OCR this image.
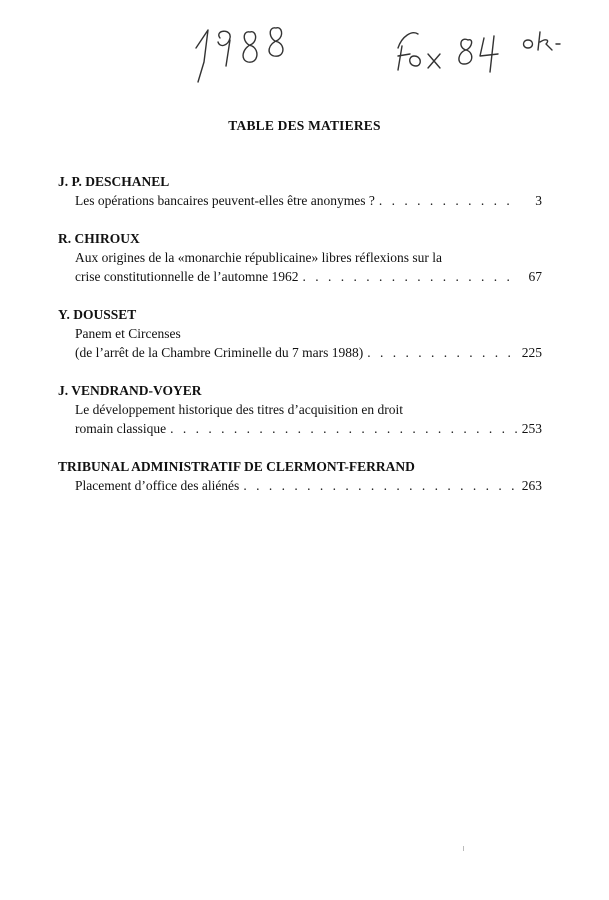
TABLE DES MATIERES
J. P. DESCHANEL
Les opérations bancaires peuvent-elles être anonymes ? . . .	3
R. CHIROUX
Aux origines de la «monarchie républicaine» libres réflexions sur la
crise constitutionnelle de l’automne 1962 . . .	67
Y. DOUSSET
Panem et Circenses
(de l’arrêt de la Chambre Criminelle du 7 mars 1988) . . .	225
J. VENDRAND-VOYER
Le développement historique des titres d’acquisition en droit
romain classique . . .	253
TRIBUNAL ADMINISTRATIF DE CLERMONT-FERRAND
Placement d’office des aliénés . . .	263
